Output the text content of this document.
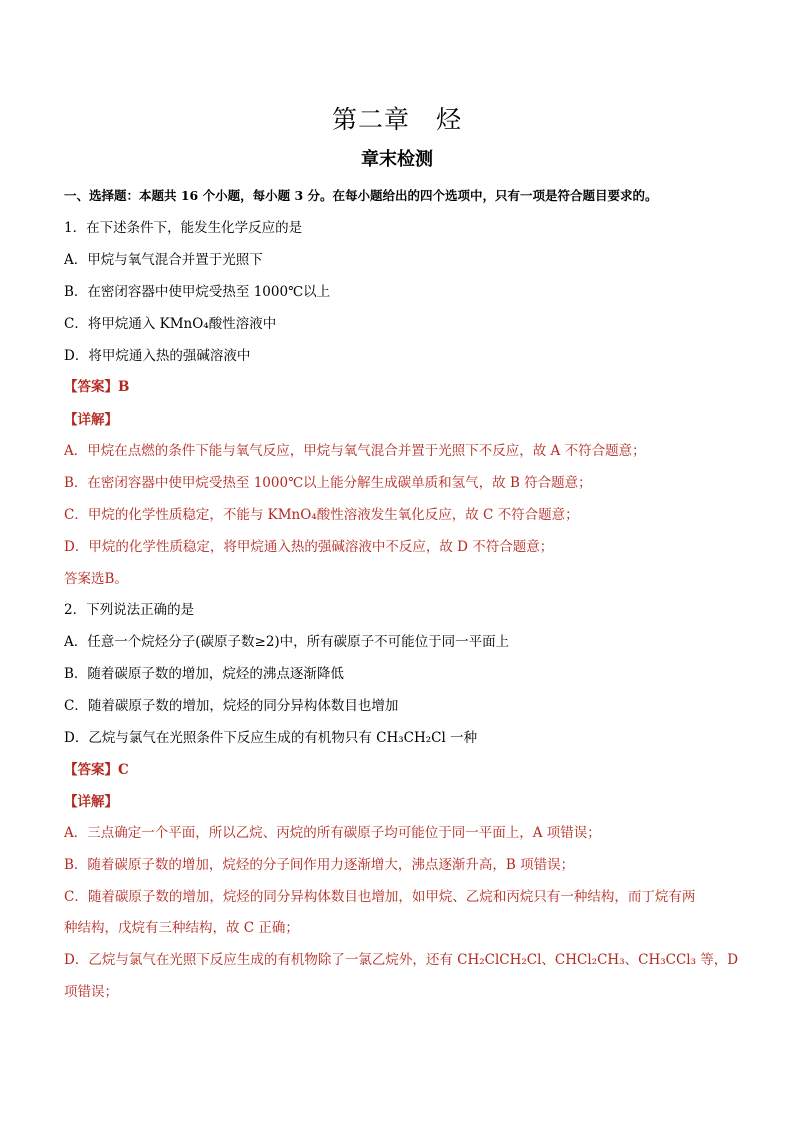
第二章　烃
章末检测
一、选择题：本题共 16 个小题，每小题 3 分。在每小题给出的四个选项中，只有一项是符合题目要求的。
1．在下述条件下，能发生化学反应的是
A．甲烷与氧气混合并置于光照下
B．在密闭容器中使甲烷受热至 1000℃以上
C．将甲烷通入 KMnO₄酸性溶液中
D．将甲烷通入热的强碱溶液中
【答案】B
【详解】
A．甲烷在点燃的条件下能与氧气反应，甲烷与氧气混合并置于光照下不反应，故 A 不符合题意；
B．在密闭容器中使甲烷受热至 1000℃以上能分解生成碳单质和氢气，故 B 符合题意；
C．甲烷的化学性质稳定，不能与 KMnO₄酸性溶液发生氧化反应，故 C 不符合题意；
D．甲烷的化学性质稳定，将甲烷通入热的强碱溶液中不反应，故 D 不符合题意；
答案选B。
2．下列说法正确的是
A．任意一个烷烃分子(碳原子数≥2)中，所有碳原子不可能位于同一平面上
B．随着碳原子数的增加，烷烃的沸点逐渐降低
C．随着碳原子数的增加，烷烃的同分异构体数目也增加
D．乙烷与氯气在光照条件下反应生成的有机物只有 CH₃CH₂Cl 一种
【答案】C
【详解】
A．三点确定一个平面，所以乙烷、丙烷的所有碳原子均可能位于同一平面上，A 项错误；
B．随着碳原子数的增加，烷烃的分子间作用力逐渐增大，沸点逐渐升高，B 项错误；
C．随着碳原子数的增加，烷烃的同分异构体数目也增加，如甲烷、乙烷和丙烷只有一种结构，而丁烷有两
种结构，戊烷有三种结构，故 C 正确；
D．乙烷与氯气在光照下反应生成的有机物除了一氯乙烷外，还有 CH₂ClCH₂Cl、CHCl₂CH₃、CH₃CCl₃ 等，D
项错误；
